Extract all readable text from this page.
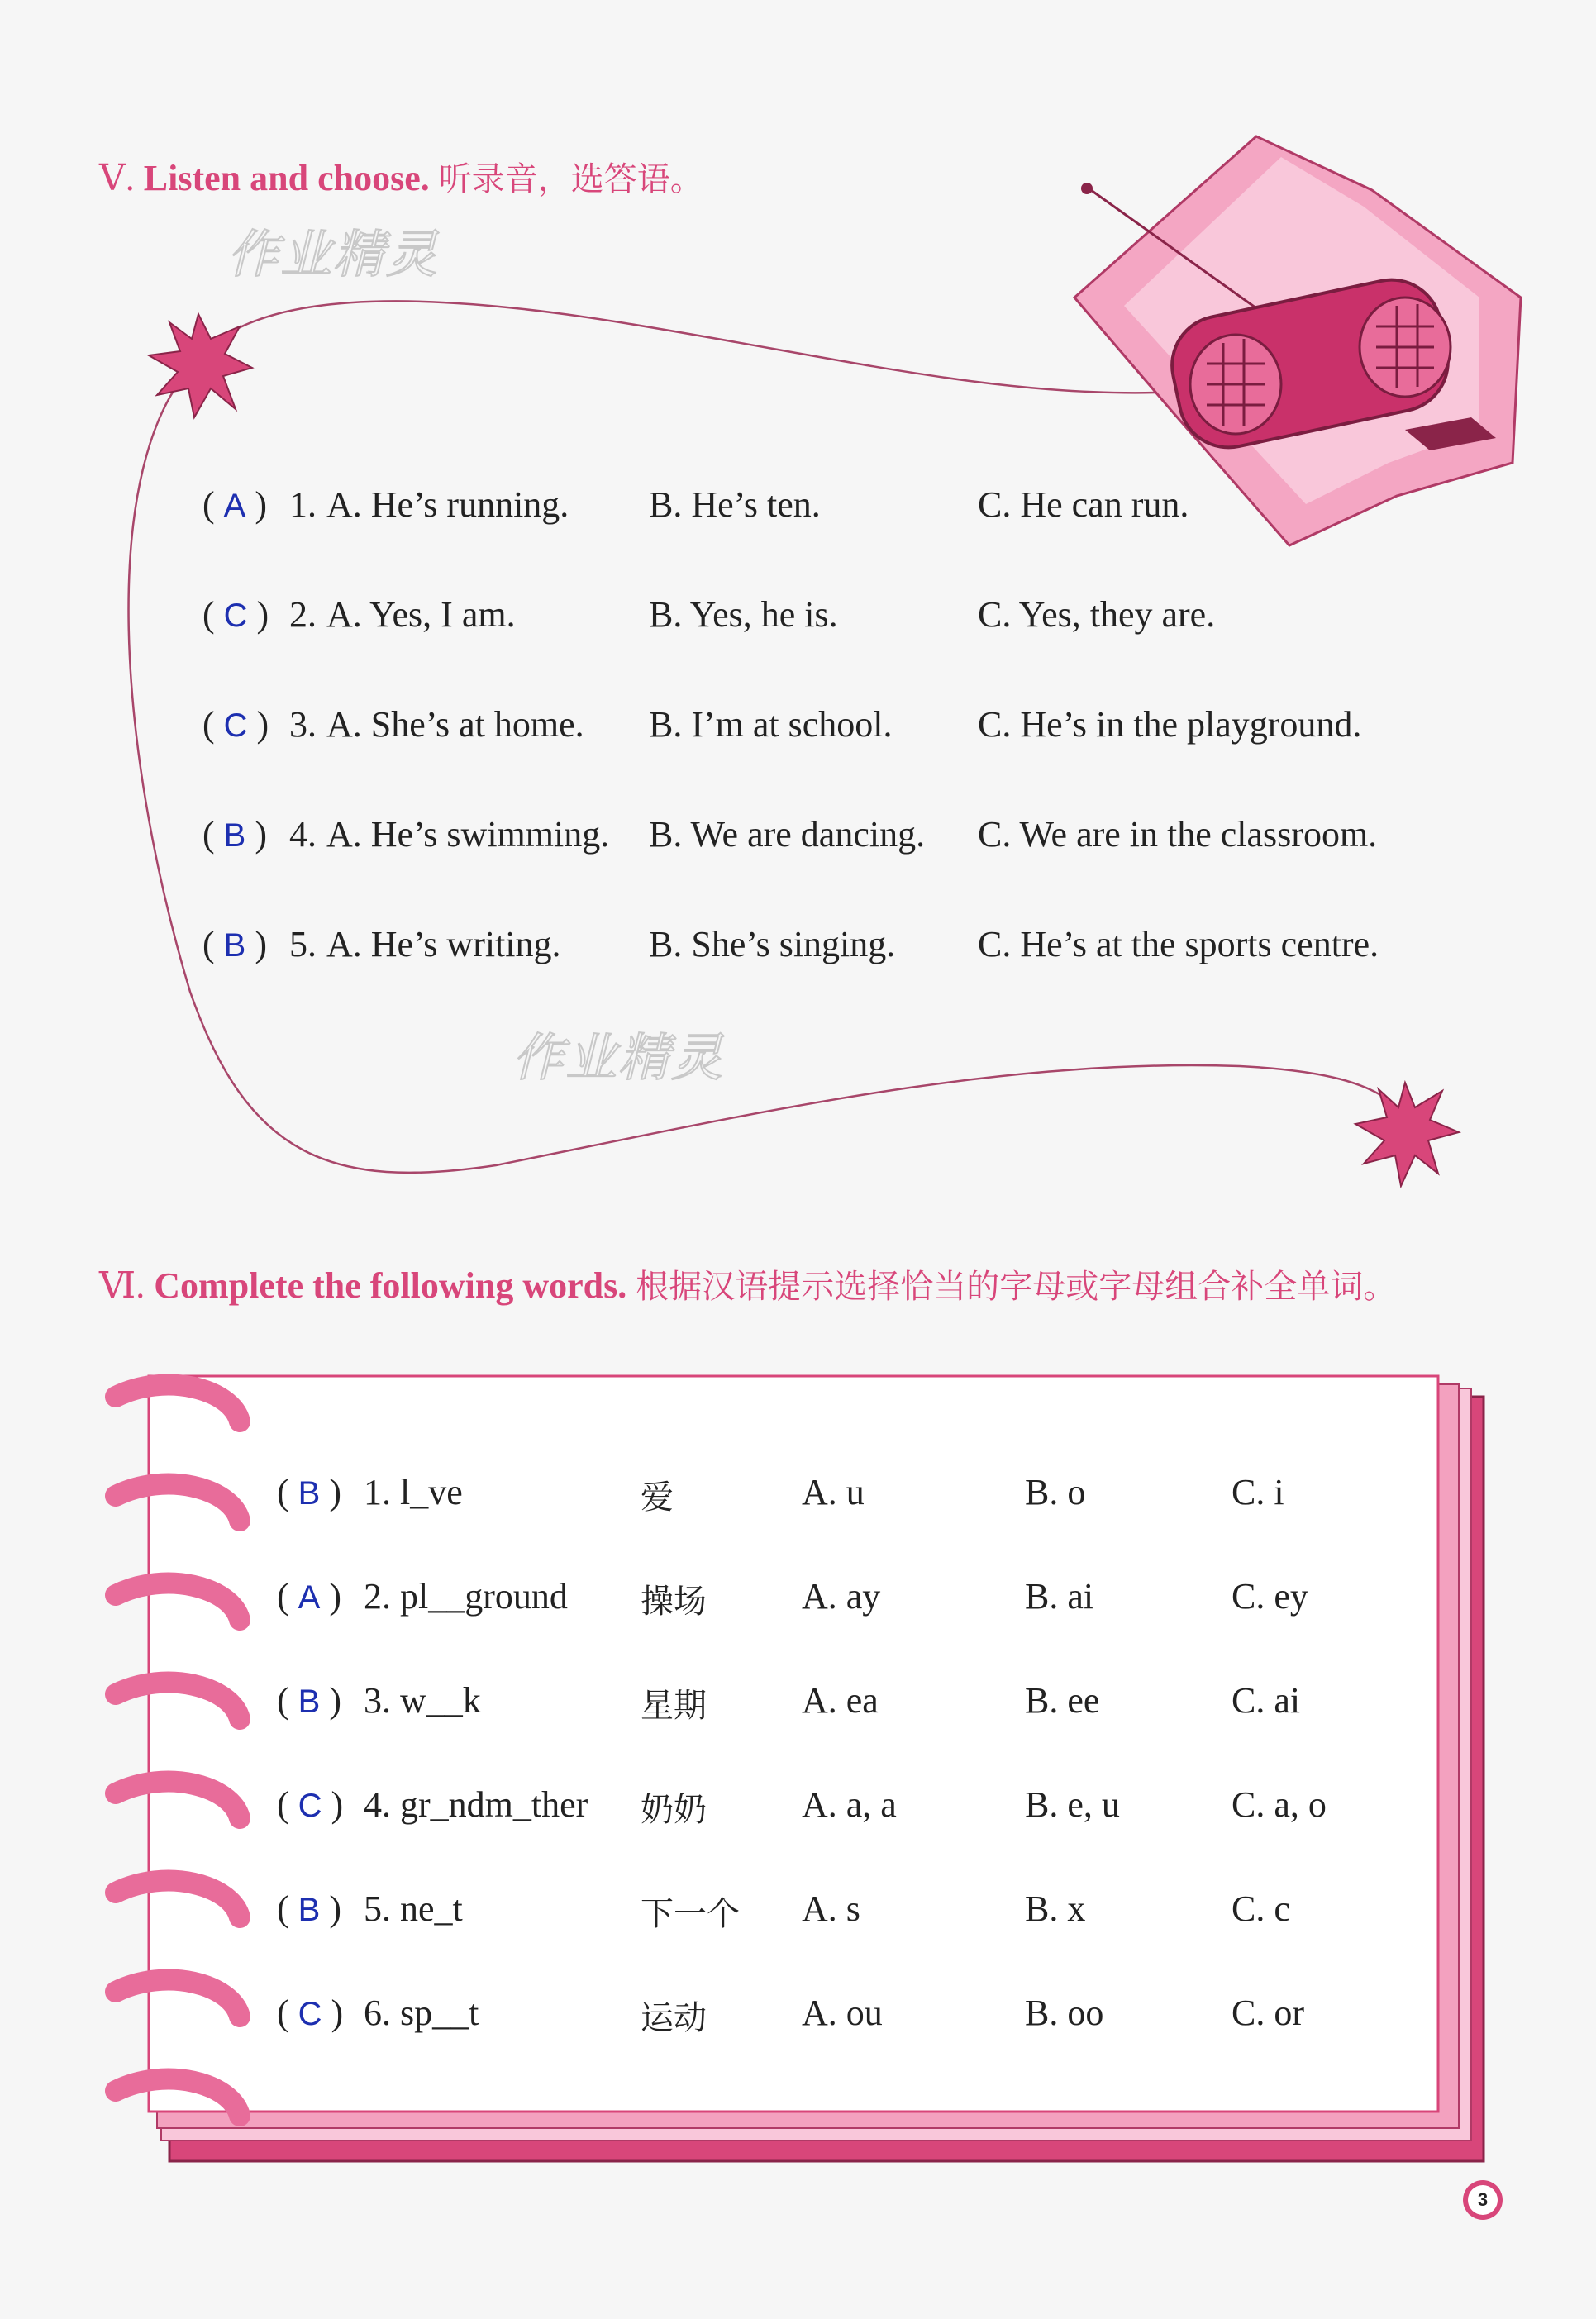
作业精灵
作业精灵
Ⅴ. Listen and choose. 听录音，选答语。
( A ) 1. A. He’s running. B. He’s ten.	C. He can run.
( C ) 2. A. Yes, I am.	B. Yes, he is.	C. Yes, they are.
( C ) 3. A. She’s at home. B. I’m at school. C. He’s in the playground.
( B ) 4. A. He’s swimming. B. We are dancing. C. We are in the classroom.
( B ) 5. A. He’s writing. B. She’s singing. C. He’s at the sports centre.
Ⅵ. Complete the following words. 根据汉语提示选择恰当的字母或字母组合补全单词。
( B ) 1. l_ve	爱	A. u	B. o	C. i
( A ) 2. pl__ground 操场	A. ay	B. ai	C. ey
( B ) 3. w__k	星期	A. ea	B. ee	C. ai
( C ) 4. gr_ndm_ther 奶奶	A. a, a	B. e, u	C. a, o
( B ) 5. ne_t	下一个 A. s	B. x	C. c
( C ) 6. sp__t	运动	A. ou	B. oo	C. or
3
